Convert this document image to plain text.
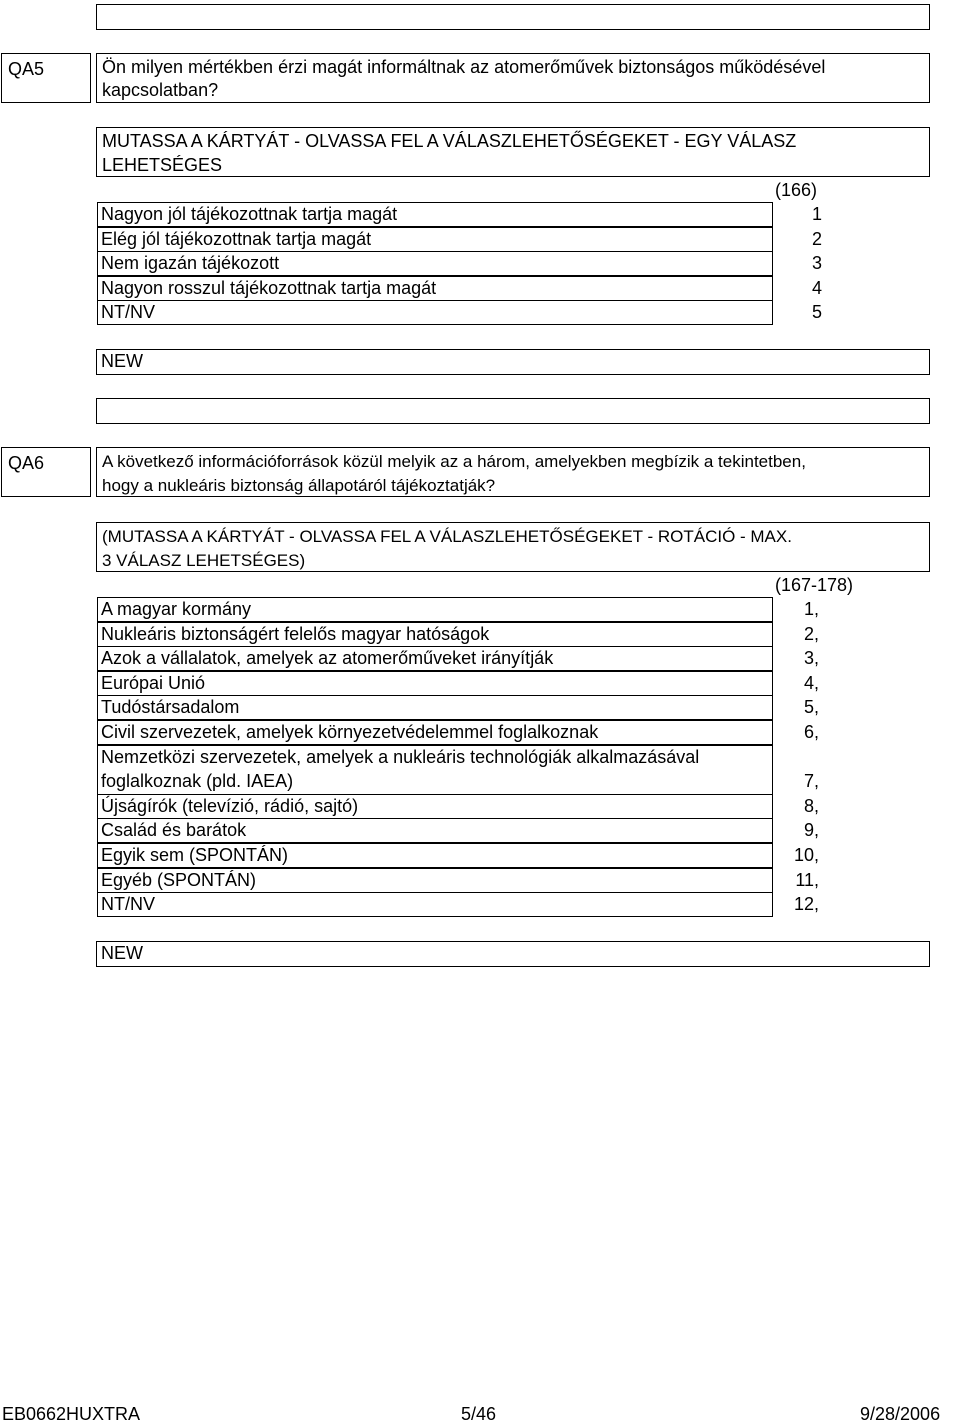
QA5	Ön milyen mértékben érzi magát informáltnak az atomerőművek biztonságos működésével
kapcsolatban?
MUTASSA A KÁRTYÁT - OLVASSA FEL A VÁLASZLEHETŐSÉGEKET - EGY VÁLASZ
LEHETSÉGES
(166)
Nagyon jól tájékozottnak tartja magát	1
Elég jól tájékozottnak tartja magát	2
Nem igazán tájékozott	3
Nagyon rosszul tájékozottnak tartja magát	4
NT/NV	5
NEW
QA6	A következő információforrások közül melyik az a három, amelyekben megbízik a tekintetben,
hogy a nukleáris biztonság állapotáról tájékoztatják?
(MUTASSA A KÁRTYÁT - OLVASSA FEL A VÁLASZLEHETŐSÉGEKET - ROTÁCIÓ - MAX.
3 VÁLASZ LEHETSÉGES)
(167-178)
A magyar kormány	1,
Nukleáris biztonságért felelős magyar hatóságok	2,
Azok a vállalatok, amelyek az atomerőműveket irányítják	3,
Európai Unió	4,
Tudóstársadalom	5,
Civil szervezetek, amelyek környezetvédelemmel foglalkoznak	6,
Nemzetközi szervezetek, amelyek a nukleáris technológiák alkalmazásával
foglalkoznak (pld. IAEA)	7,
Újságírók (televízió, rádió, sajtó)	8,
Család és barátok	9,
Egyik sem (SPONTÁN)	10,
Egyéb (SPONTÁN)	11,
NT/NV	12,
NEW
EB0662HUXTRA	5/46	9/28/2006
